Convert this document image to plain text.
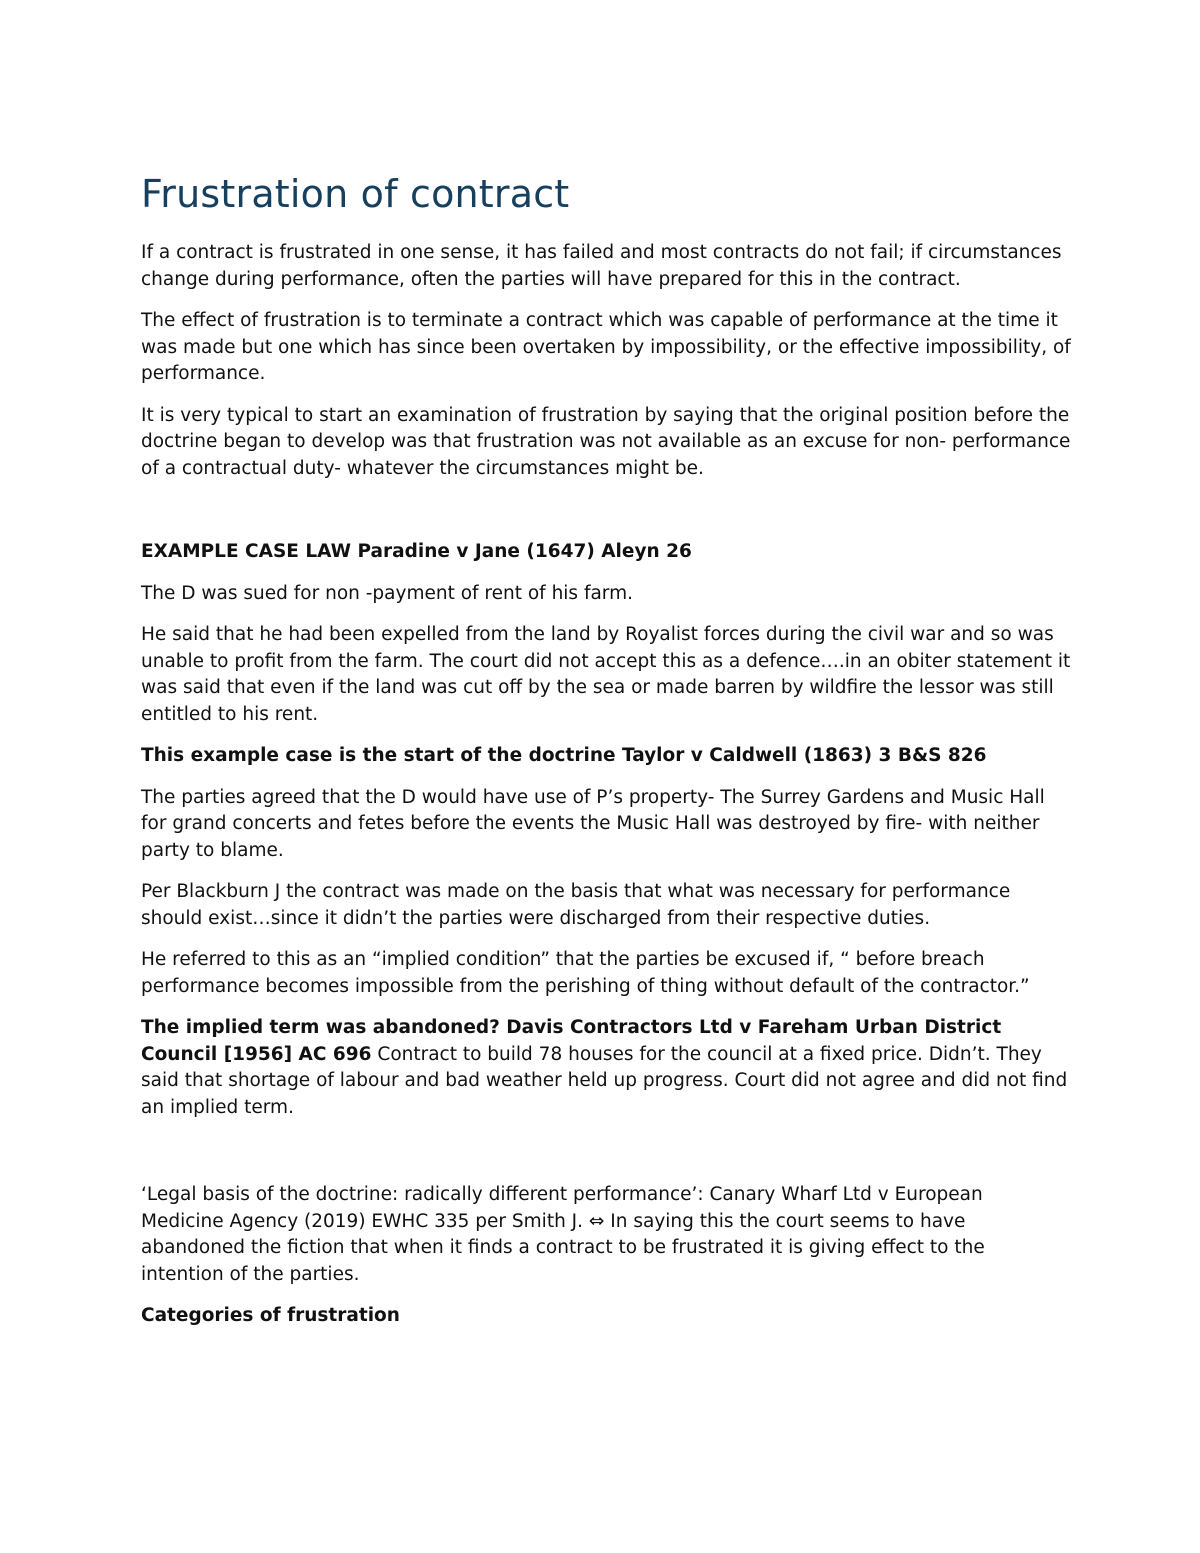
Frustration of contract

If a contract is frustrated in one sense, it has failed and most contracts do not fail; if circumstances change during performance, often the parties will have prepared for this in the contract.

The effect of frustration is to terminate a contract which was capable of performance at the time it was made but one which has since been overtaken by impossibility, or the effective impossibility, of performance.

It is very typical to start an examination of frustration by saying that the original position before the doctrine began to develop was that frustration was not available as an excuse for non- performance of a contractual duty- whatever the circumstances might be.

EXAMPLE CASE LAW Paradine v Jane (1647) Aleyn 26

The D was sued for non -payment of rent of his farm.

He said that he had been expelled from the land by Royalist forces during the civil war and so was unable to profit from the farm. The court did not accept this as a defence….in an obiter statement it was said that even if the land was cut off by the sea or made barren by wildfire the lessor was still entitled to his rent.

This example case is the start of the doctrine Taylor v Caldwell (1863) 3 B&S 826

The parties agreed that the D would have use of P’s property- The Surrey Gardens and Music Hall for grand concerts and fetes before the events the Music Hall was destroyed by fire- with neither party to blame.

Per Blackburn J the contract was made on the basis that what was necessary for performance should exist…since it didn’t the parties were discharged from their respective duties.

He referred to this as an “implied condition” that the parties be excused if, “ before breach performance becomes impossible from the perishing of thing without default of the contractor.”

The implied term was abandoned? Davis Contractors Ltd v Fareham Urban District Council [1956] AC 696 Contract to build 78 houses for the council at a fixed price. Didn’t. They said that shortage of labour and bad weather held up progress. Court did not agree and did not find an implied term.

‘Legal basis of the doctrine: radically different performance’: Canary Wharf Ltd v European Medicine Agency (2019) EWHC 335 per Smith J. ⇔ In saying this the court seems to have abandoned the fiction that when it finds a contract to be frustrated it is giving effect to the intention of the parties.

Categories of frustration
